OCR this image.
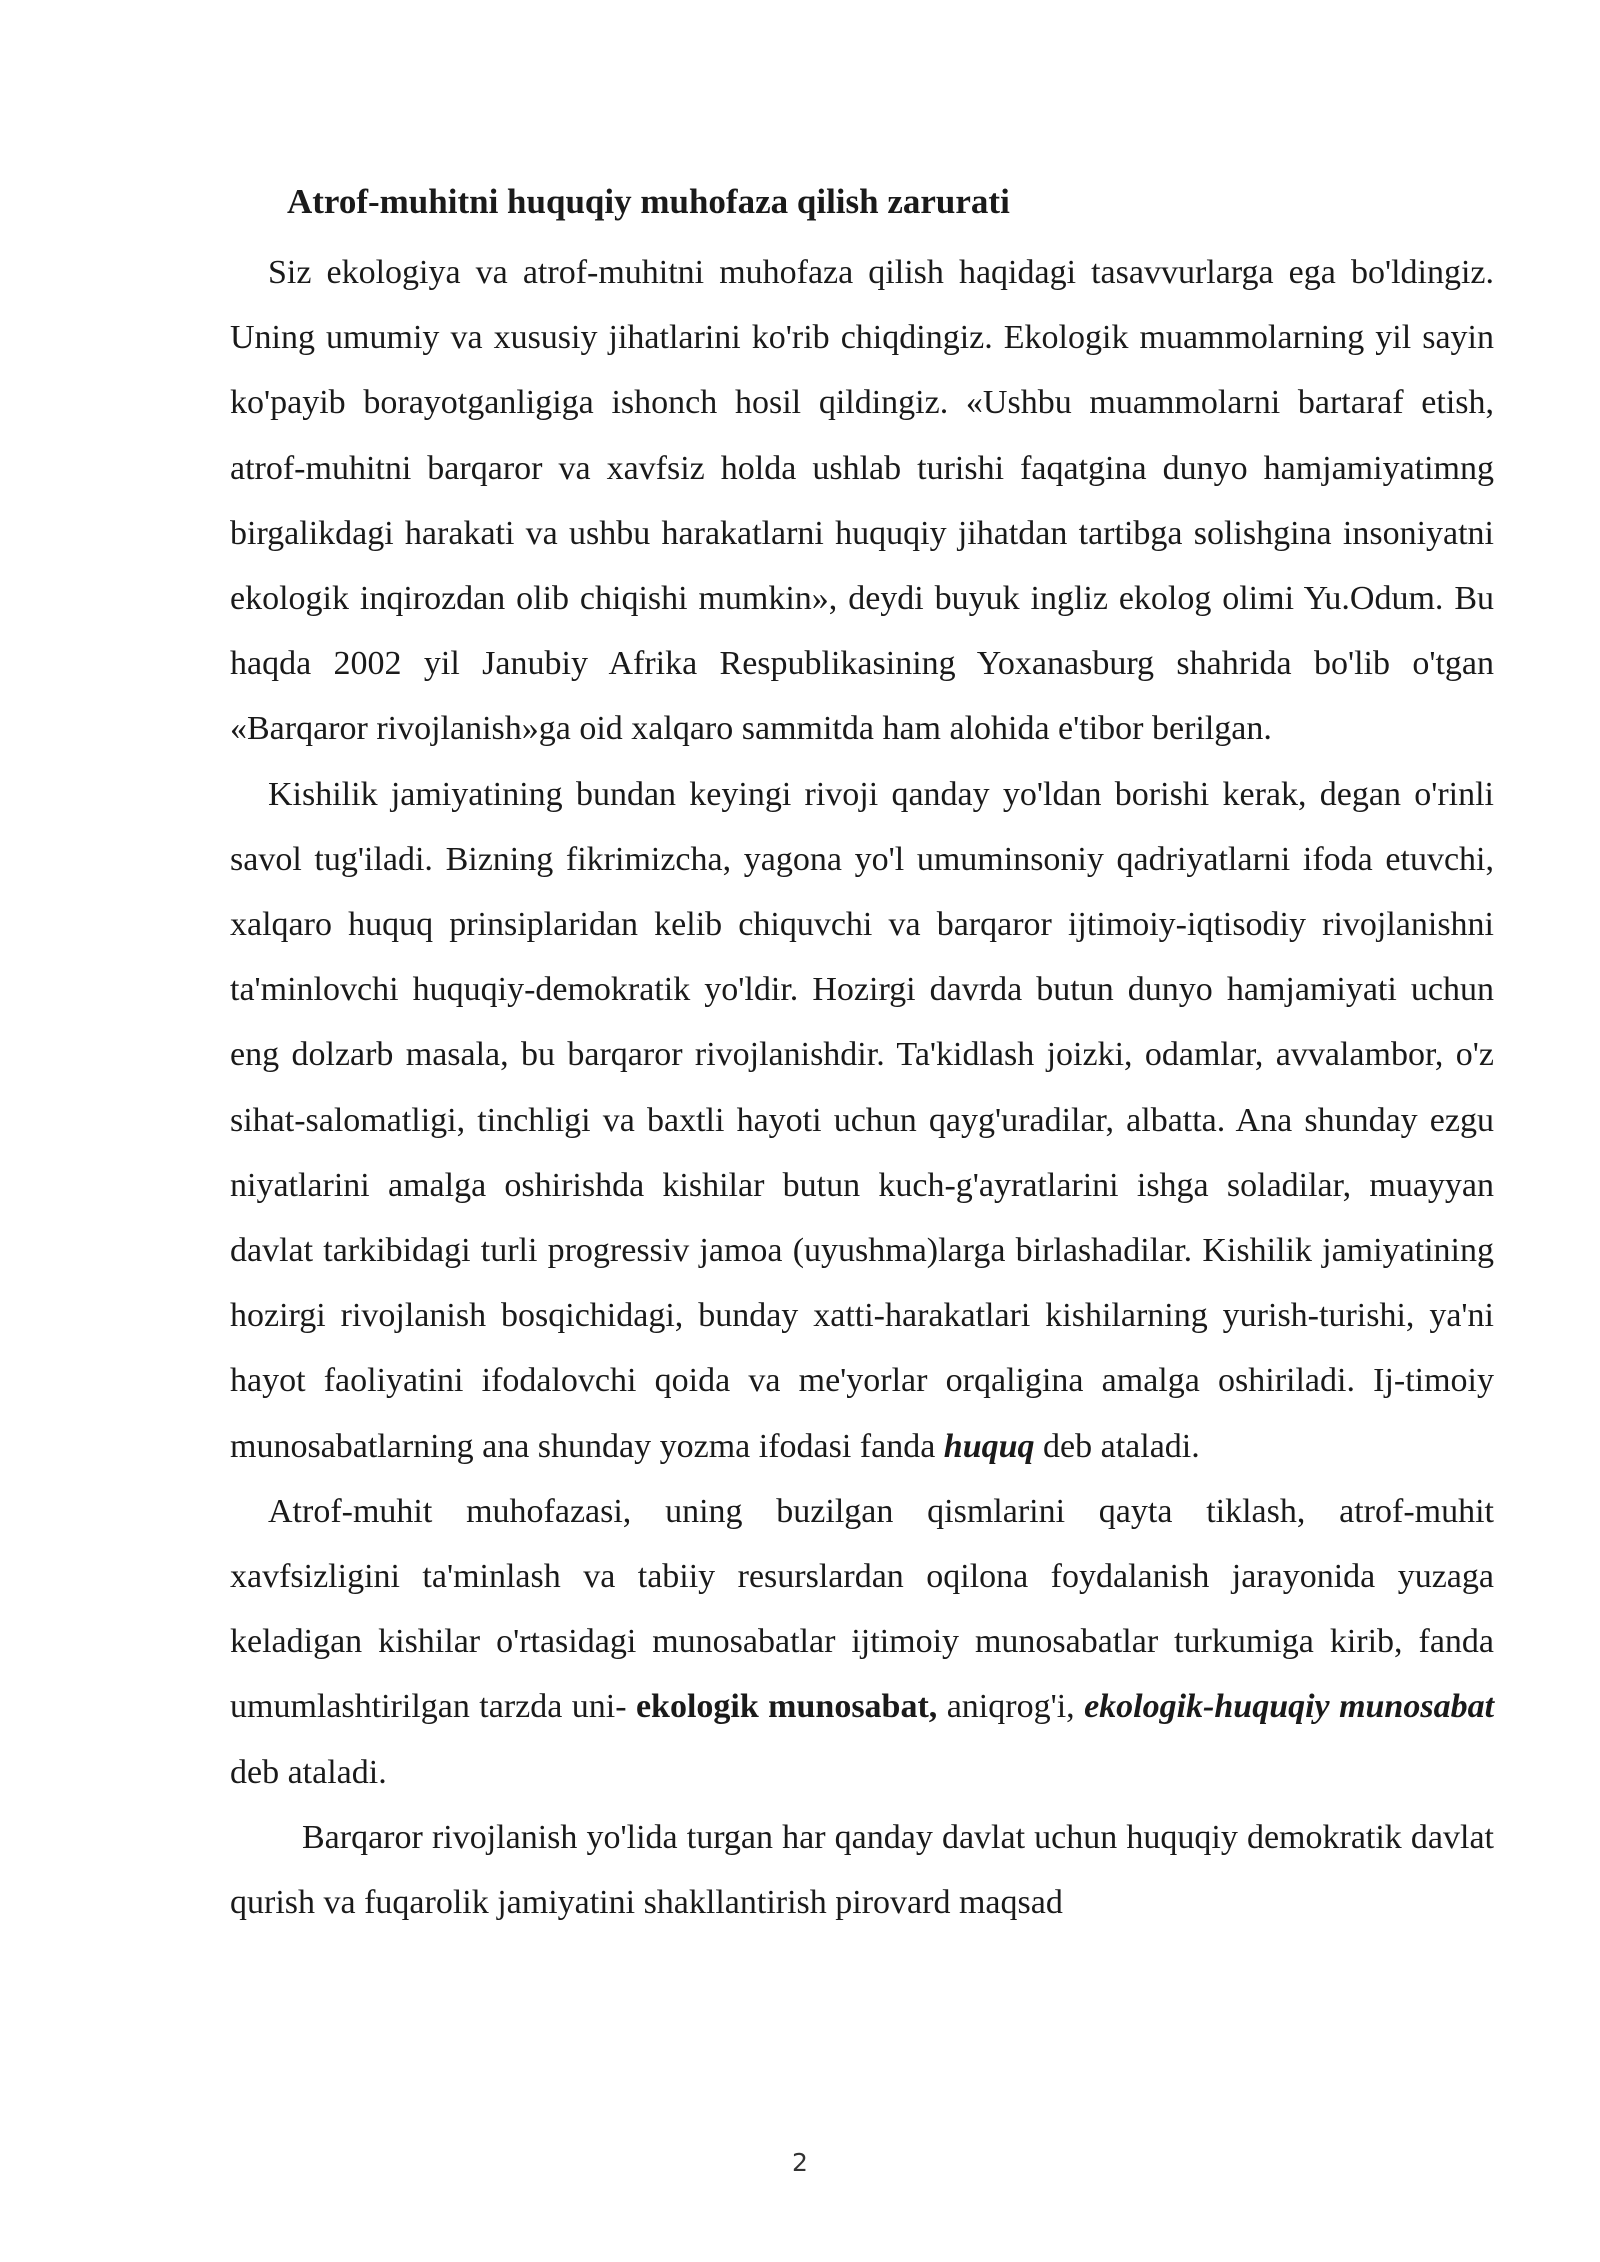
Atrof-muhitni huquqiy muhofaza qilish zarurati

Siz ekologiya va atrof-muhitni muhofaza qilish haqidagi tasavvurlarga ega bo'ldingiz. Uning umumiy va xususiy jihatlarini ko'rib chiqdingiz. Ekologik muammolarning yil sayin ko'payib borayotganligiga ishonch hosil qildingiz. «Ushbu muammolarni bartaraf etish, atrof-muhitni barqaror va xavfsiz holda ushlab turishi faqatgina dunyo hamjamiyatimng birgalikdagi harakati va ushbu harakatlarni huquqiy jihatdan tartibga solishgina insoniyatni ekologik inqirozdan olib chiqishi mumkin», deydi buyuk ingliz ekolog olimi Yu.Odum. Bu haqda 2002 yil Janubiy Afrika Respublikasining Yoxanasburg shahrida bo'lib o'tgan «Barqaror rivojlanish»ga oid xalqaro sammitda ham alohida e'tibor berilgan.

Kishilik jamiyatining bundan keyingi rivoji qanday yo'ldan borishi kerak, degan o'rinli savol tug'iladi. Bizning fikrimizcha, yagona yo'l umuminsoniy qadriyatlarni ifoda etuvchi, xalqaro huquq prinsiplaridan kelib chiquvchi va barqaror ijtimoiy-iqtisodiy rivojlanishni ta'minlovchi huquqiy-demokratik yo'ldir. Hozirgi davrda butun dunyo hamjamiyati uchun eng dolzarb masala, bu barqaror rivojlanishdir. Ta'kidlash joizki, odamlar, avvalambor, o'z sihat-salomatligi, tinchligi va baxtli hayoti uchun qayg'uradilar, albatta. Ana shunday ezgu niyatlarini amalga oshirishda kishilar butun kuch-g'ayratlarini ishga soladilar, muayyan davlat tarkibidagi turli progressiv jamoa (uyushma)larga birlashadilar. Kishilik jamiyatining hozirgi rivojlanish bosqichidagi, bunday xatti-harakatlari kishilarning yurish-turishi, ya'ni hayot faoliyatini ifodalovchi qoida va me'yorlar orqaligina amalga oshiriladi. Ij-timoiy munosabatlarning ana shunday yozma ifodasi fanda huquq deb ataladi.

Atrof-muhit muhofazasi, uning buzilgan qismlarini qayta tiklash, atrof-muhit xavfsizligini ta'minlash va tabiiy resurslardan oqilona foydalanish jarayonida yuzaga keladigan kishilar o'rtasidagi munosabatlar ijtimoiy munosabatlar turkumiga kirib, fanda umumlashtirilgan tarzda uni- ekologik munosabat, aniqrog'i, ekologik-huquqiy munosabat deb ataladi.

Barqaror rivojlanish yo'lida turgan har qanday davlat uchun huquqiy demokratik davlat qurish va fuqarolik jamiyatini shakllantirish pirovard maqsad

2
